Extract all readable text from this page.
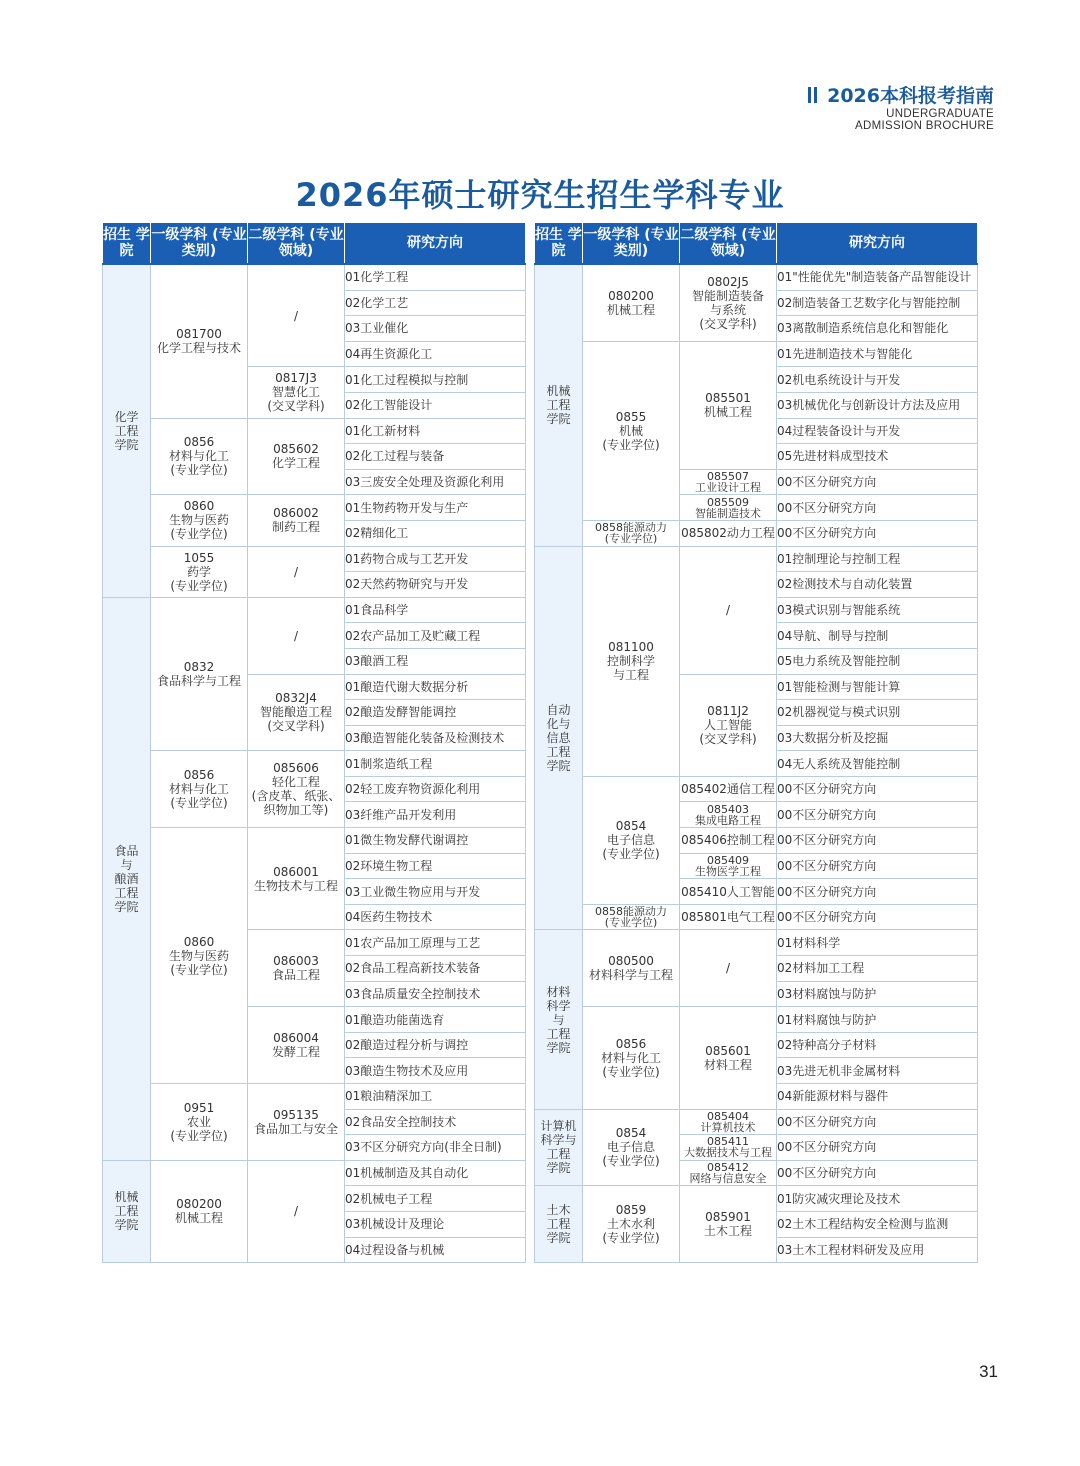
2026本科报考指南
UNDERGRADUATE
ADMISSION BROCHURE
2026年硕士研究生招生学科专业
招生 学院	一级学科 (专业类别)	二级学科 (专业领域)	研究方向
化学
工程
学院	081700
化学工程与技术	/	01化学工程
			02化学工艺
			03工业催化
			04再生资源化工
		0817J3
智慧化工
(交叉学科)	01化工过程模拟与控制
			02化工智能设计
	0856
材料与化工
(专业学位)	085602
化学工程	01化工新材料
			02化工过程与装备
			03三废安全处理及资源化利用
	0860
生物与医药
(专业学位)	086002
制药工程	01生物药物开发与生产
			02精细化工
	1055
药学
(专业学位)	/	01药物合成与工艺开发
			02天然药物研究与开发
食品
与
酿酒
工程
学院	0832
食品科学与工程	/	01食品科学
			02农产品加工及贮藏工程
			03酿酒工程
		0832J4
智能酿造工程
(交叉学科)	01酿造代谢大数据分析
			02酿造发酵智能调控
			03酿造智能化装备及检测技术
	0856
材料与化工
(专业学位)	085606
轻化工程
(含皮革、纸张、
织物加工等)	01制浆造纸工程
			02轻工废弃物资源化利用
			03纤维产品开发利用
	0860
生物与医药
(专业学位)	086001
生物技术与工程	01微生物发酵代谢调控
			02环境生物工程
			03工业微生物应用与开发
			04医药生物技术
		086003
食品工程	01农产品加工原理与工艺
			02食品工程高新技术装备
			03食品质量安全控制技术
		086004
发酵工程	01酿造功能菌选育
			02酿造过程分析与调控
			03酿造生物技术及应用
	0951
农业
(专业学位)	095135
食品加工与安全	01粮油精深加工
			02食品安全控制技术
			03不区分研究方向(非全日制)
机械
工程
学院	080200
机械工程	/	01机械制造及其自动化
			02机械电子工程
			03机械设计及理论
			04过程设备与机械
招生 学院	一级学科 (专业类别)	二级学科 (专业领域)	研究方向
机械
工程
学院	080200
机械工程	0802J5
智能制造装备
与系统
(交叉学科)	01"性能优先"制造装备产品智能设计
			02制造装备工艺数字化与智能控制
			03离散制造系统信息化和智能化
	0855
机械
(专业学位)	085501
机械工程	01先进制造技术与智能化
			02机电系统设计与开发
			03机械优化与创新设计方法及应用
			04过程装备设计与开发
			05先进材料成型技术
		085507
工业设计工程	00不区分研究方向
		085509
智能制造技术	00不区分研究方向
	0858能源动力
(专业学位)	085802动力工程	00不区分研究方向
自动
化与
信息
工程
学院	081100
控制科学
与工程	/	01控制理论与控制工程
			02检测技术与自动化装置
			03模式识别与智能系统
			04导航、制导与控制
			05电力系统及智能控制
		0811J2
人工智能
(交叉学科)	01智能检测与智能计算
			02机器视觉与模式识别
			03大数据分析及挖掘
			04无人系统及智能控制
	0854
电子信息
(专业学位)	085402通信工程	00不区分研究方向
		085403
集成电路工程	00不区分研究方向
		085406控制工程	00不区分研究方向
		085409
生物医学工程	00不区分研究方向
		085410人工智能	00不区分研究方向
	0858能源动力
(专业学位)	085801电气工程	00不区分研究方向
材料
科学
与
工程
学院	080500
材料科学与工程	/	01材料科学
			02材料加工工程
			03材料腐蚀与防护
	0856
材料与化工
(专业学位)	085601
材料工程	01材料腐蚀与防护
			02特种高分子材料
			03先进无机非金属材料
			04新能源材料与器件
计算机
科学与
工程
学院	0854
电子信息
(专业学位)	085404
计算机技术	00不区分研究方向
		085411
大数据技术与工程	00不区分研究方向
		085412
网络与信息安全	00不区分研究方向
土木
工程
学院	0859
土木水利
(专业学位)	085901
土木工程	01防灾减灾理论及技术
			02土木工程结构安全检测与监测
			03土木工程材料研发及应用
31
